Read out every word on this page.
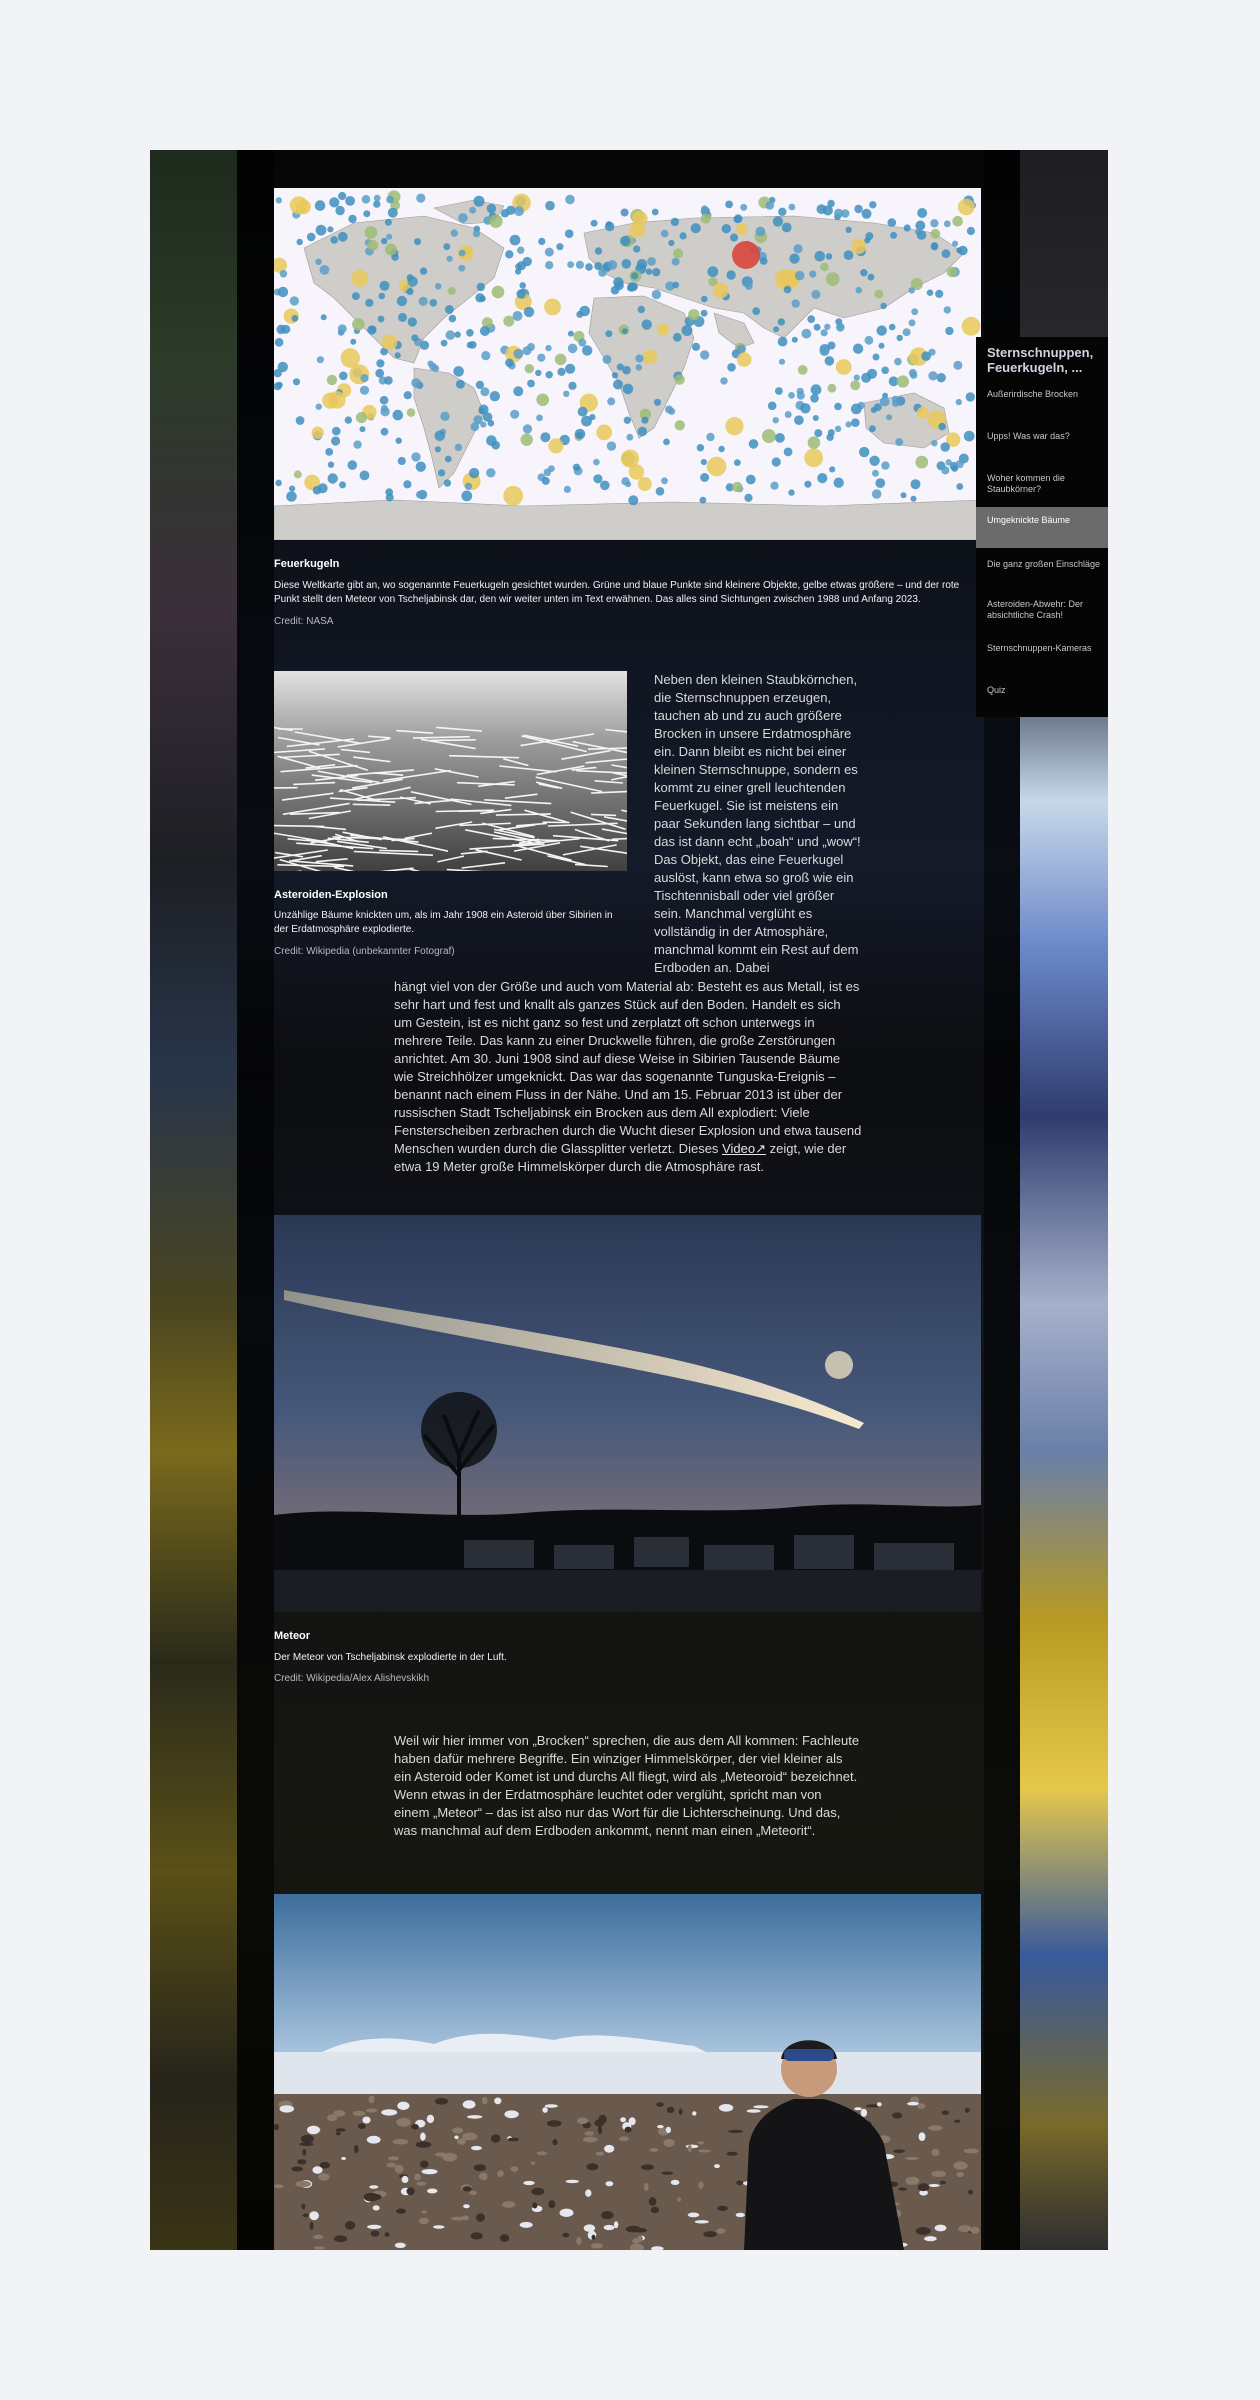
Feuerkugeln
Diese Weltkarte gibt an, wo sogenannte Feuerkugeln gesichtet wurden. Grüne und blaue Punkte sind kleinere Objekte, gelbe etwas größere – und der rote Punkt stellt den Meteor von Tscheljabinsk dar, den wir weiter unten im Text erwähnen. Das alles sind Sichtungen zwischen 1988 und Anfang 2023.
Credit: NASA
Asteroiden-Explosion
Unzählige Bäume knickten um, als im Jahr 1908 ein Asteroid über Sibirien in der Erdatmosphäre explodierte.
Credit: Wikipedia (unbekannter Fotograf)

Neben den kleinen Staubkörnchen, die Sternschnuppen erzeugen, tauchen ab und zu auch größere Brocken in unsere Erdatmosphäre ein. Dann bleibt es nicht bei einer kleinen Sternschnuppe, sondern es kommt zu einer grell leuchtenden Feuerkugel. Sie ist meistens ein paar Sekunden lang sichtbar – und das ist dann echt „boah“ und „wow“! Das Objekt, das eine Feuerkugel auslöst, kann etwa so groß wie ein Tischtennisball oder viel größer sein. Manchmal verglüht es vollständig in der Atmosphäre, manchmal kommt ein Rest auf dem Erdboden an. Dabei

hängt viel von der Größe und auch vom Material ab: Besteht es aus Metall, ist es sehr hart und fest und knallt als ganzes Stück auf den Boden. Handelt es sich um Gestein, ist es nicht ganz so fest und zerplatzt oft schon unterwegs in mehrere Teile. Das kann zu einer Druckwelle führen, die große Zerstörungen anrichtet. Am 30. Juni 1908 sind auf diese Weise in Sibirien Tausende Bäume wie Streichhölzer umgeknickt. Das war das sogenannte Tunguska-Ereignis – benannt nach einem Fluss in der Nähe. Und am 15. Februar 2013 ist über der russischen Stadt Tscheljabinsk ein Brocken aus dem All explodiert: Viele Fensterscheiben zerbrachen durch die Wucht dieser Explosion und etwa tausend Menschen wurden durch die Glassplitter verletzt. Dieses Video↗ zeigt, wie der etwa 19 Meter große Himmelskörper durch die Atmosphäre rast.

Meteor
Der Meteor von Tscheljabinsk explodierte in der Luft.
Credit: Wikipedia/Alex Alishevskikh

Weil wir hier immer von „Brocken“ sprechen, die aus dem All kommen: Fachleute haben dafür mehrere Begriffe. Ein winziger Himmelskörper, der viel kleiner als ein Asteroid oder Komet ist und durchs All fliegt, wird als „Meteoroid“ bezeichnet. Wenn etwas in der Erdatmosphäre leuchtet oder verglüht, spricht man von einem „Meteor“ – das ist also nur das Wort für die Lichterscheinung. Und das, was manchmal auf dem Erdboden ankommt, nennt man einen „Meteorit“.

Sternschnuppen, Feuerkugeln, ...
Außerirdische Brocken
Upps! Was war das?
Woher kommen die Staubkörner?
Umgeknickte Bäume
Die ganz großen Einschläge
Asteroiden-Abwehr: Der absichtliche Crash!
Sternschnuppen-Kameras
Quiz
